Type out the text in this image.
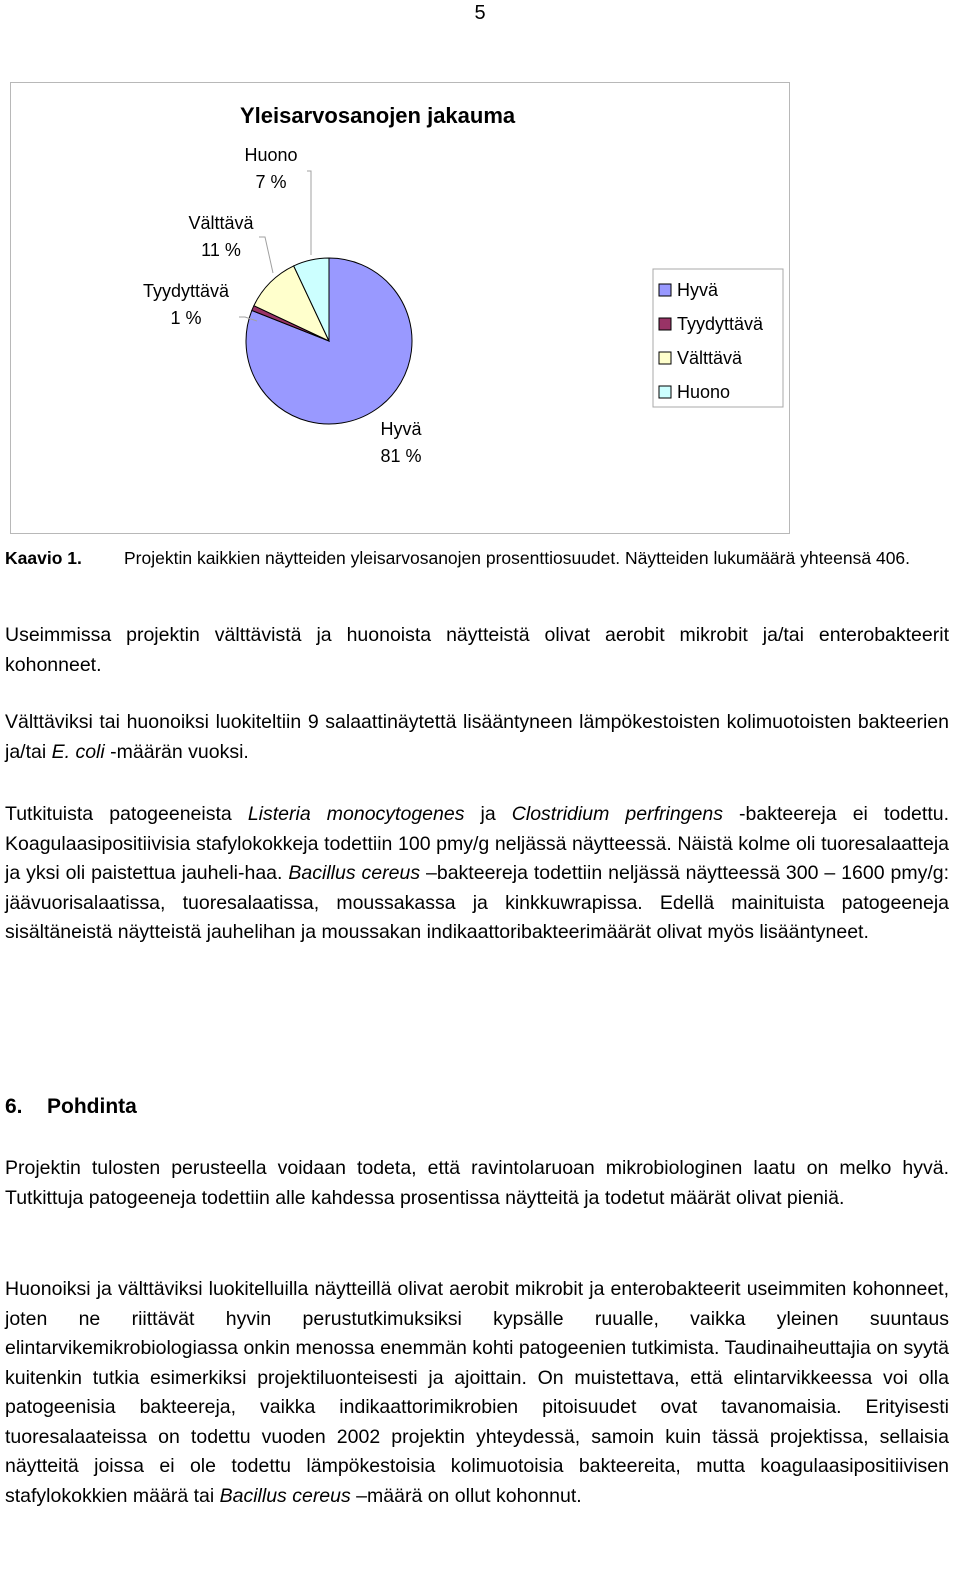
5
Yleisarvosanojen jakauma
Hyvä
81 %
Tyydyttävä
1 %
Välttävä
11 %
Huono
7 %
Hyvä
Tyydyttävä
Välttävä
Huono
Kaavio 1. Projektin kaikkien näytteiden yleisarvosanojen prosenttiosuudet. Näytteiden lukumäärä yhteensä 406.
Useimmissa projektin välttävistä ja huonoista näytteistä olivat aerobit mikrobit ja/tai enterobakteerit kohonneet.
Välttäviksi tai huonoiksi luokiteltiin 9 salaattinäytettä lisääntyneen lämpökestoisten kolimuotoisten bakteerien ja/tai E. coli -määrän vuoksi.
Tutkituista patogeeneista Listeria monocytogenes ja Clostridium perfringens -bakteereja ei todettu. Koagulaasipositiivisia stafylokokkeja todettiin 100 pmy/g neljässä näytteessä. Näistä kolme oli tuoresalaatteja ja yksi oli paistettua jauheli-haa. Bacillus cereus –bakteereja todettiin neljässä näytteessä 300 – 1600 pmy/g: jäävuorisalaatissa, tuoresalaatissa, moussakassa ja kinkkuwrapissa. Edellä mainituista patogeeneja sisältäneistä näytteistä jauhelihan ja moussakan indikaattoribakteerimäärät olivat myös lisääntyneet.
6. Pohdinta
Projektin tulosten perusteella voidaan todeta, että ravintolaruoan mikrobiologinen laatu on melko hyvä. Tutkittuja patogeeneja todettiin alle kahdessa prosentissa näytteitä ja todetut määrät olivat pieniä.
Huonoiksi ja välttäviksi luokitelluilla näytteillä olivat aerobit mikrobit ja enterobakteerit useimmiten kohonneet, joten ne riittävät hyvin perustutkimuksiksi kypsälle ruualle, vaikka yleinen suuntaus elintarvikemikrobiologiassa onkin menossa enemmän kohti patogeenien tutkimista. Taudinaiheuttajia on syytä kuitenkin tutkia esimerkiksi projektiluonteisesti ja ajoittain. On muistettava, että elintarvikkeessa voi olla patogeenisia bakteereja, vaikka indikaattorimikrobien pitoisuudet ovat tavanomaisia. Erityisesti tuoresalaateissa on todettu vuoden 2002 projektin yhteydessä, samoin kuin tässä projektissa, sellaisia näytteitä joissa ei ole todettu lämpökestoisia kolimuotoisia bakteereita, mutta koagulaasipositiivisen stafylokokkien määrä tai Bacillus cereus –määrä on ollut kohonnut.
